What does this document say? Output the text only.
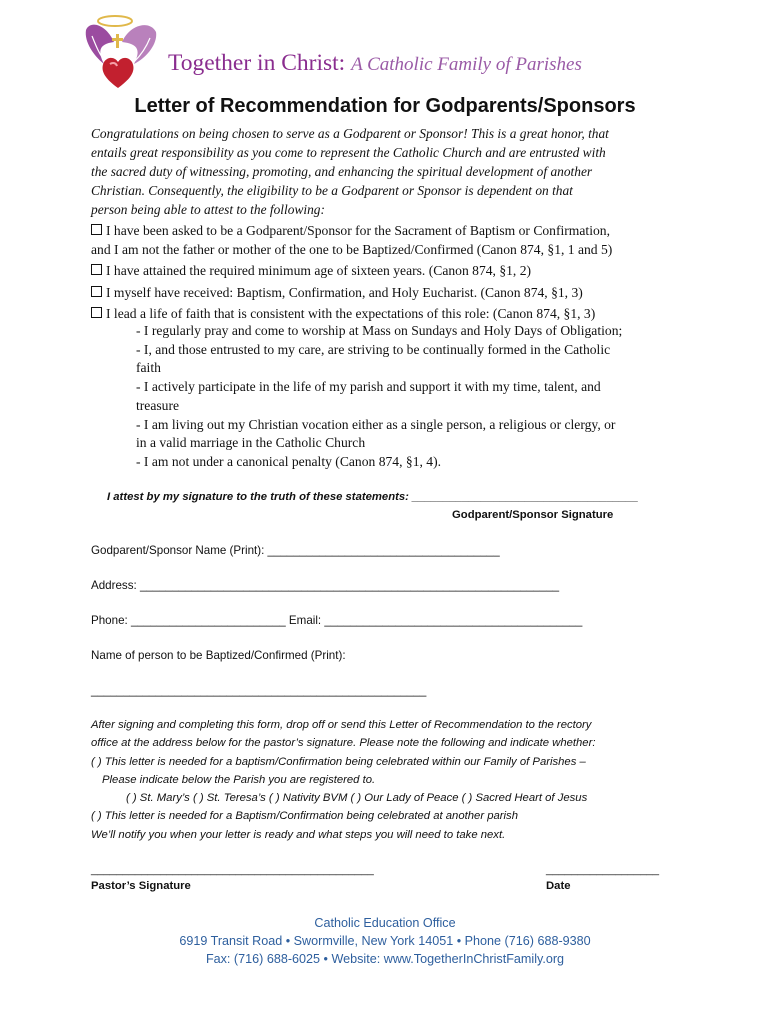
Together in Christ: A Catholic Family of Parishes
Letter of Recommendation for Godparents/Sponsors
Congratulations on being chosen to serve as a Godparent or Sponsor! This is a great honor, that
entails great responsibility as you come to represent the Catholic Church and are entrusted with
the sacred duty of witnessing, promoting, and enhancing the spiritual development of another
Christian. Consequently, the eligibility to be a Godparent or Sponsor is dependent on that
person being able to attest to the following:
I have been asked to be a Godparent/Sponsor for the Sacrament of Baptism or Confirmation,
and I am not the father or mother of the one to be Baptized/Confirmed (Canon 874, §1, 1 and 5)
I have attained the required minimum age of sixteen years. (Canon 874, §1, 2)
I myself have received: Baptism, Confirmation, and Holy Eucharist. (Canon 874, §1, 3)
I lead a life of faith that is consistent with the expectations of this role: (Canon 874, §1, 3)
- I regularly pray and come to worship at Mass on Sundays and Holy Days of Obligation;
- I, and those entrusted to my care, are striving to be continually formed in the Catholic
faith
- I actively participate in the life of my parish and support it with my time, talent, and
treasure
- I am living out my Christian vocation either as a single person, a religious or clergy, or
in a valid marriage in the Catholic Church
- I am not under a canonical penalty (Canon 874, §1, 4).
I attest by my signature to the truth of these statements: ____________________________________
Godparent/Sponsor Signature
Godparent/Sponsor Name (Print): ____________________________________
Address: _________________________________________________________________
Phone: ________________________ Email: ________________________________________
Name of person to be Baptized/Confirmed (Print):
____________________________________________________
After signing and completing this form, drop off or send this Letter of Recommendation to the rectory
office at the address below for the pastor’s signature. Please note the following and indicate whether:
( ) This letter is needed for a baptism/Confirmation being celebrated within our Family of Parishes –
Please indicate below the Parish you are registered to.
( ) St. Mary’s ( ) St. Teresa’s ( ) Nativity BVM ( ) Our Lady of Peace ( ) Sacred Heart of Jesus
( ) This letter is needed for a Baptism/Confirmation being celebrated at another parish
We’ll notify you when your letter is ready and what steps you will need to take next.
_____________________________________________
Pastor’s Signature
__________________
Date
Catholic Education Office
6919 Transit Road • Swormville, New York 14051 • Phone (716) 688-9380
Fax: (716) 688-6025 • Website: www.TogetherInChristFamily.org
